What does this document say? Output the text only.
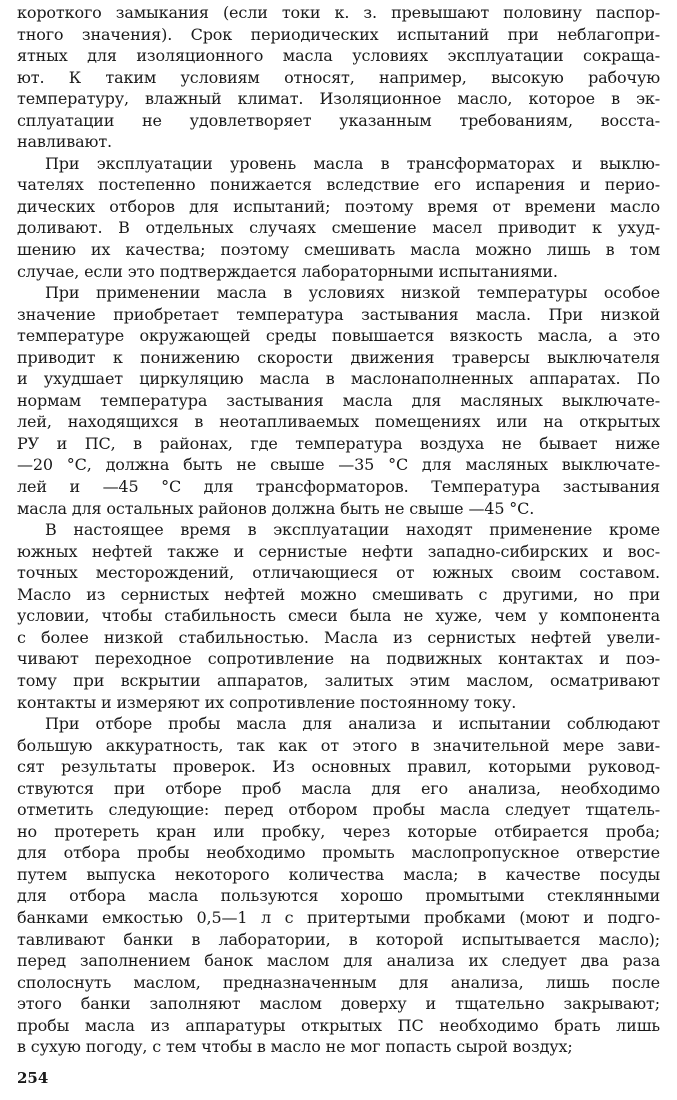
короткого замыкания (если токи к. з. превышают половину паспор-
тного значения). Срок периодических испытаний при неблагопри-
ятных для изоляционного масла условиях эксплуатации сокраща-
ют. К таким условиям относят, например, высокую рабочую
температуру, влажный климат. Изоляционное масло, которое в эк-
сплуатации не удовлетворяет указанным требованиям, восста-
навливают.
При эксплуатации уровень масла в трансформаторах и выклю-
чателях постепенно понижается вследствие его испарения и перио-
дических отборов для испытаний; поэтому время от времени масло
доливают. В отдельных случаях смешение масел приводит к ухуд-
шению их качества; поэтому смешивать масла можно лишь в том
случае, если это подтверждается лабораторными испытаниями.
При применении масла в условиях низкой температуры особое
значение приобретает температура застывания масла. При низкой
температуре окружающей среды повышается вязкость масла, а это
приводит к понижению скорости движения траверсы выключателя
и ухудшает циркуляцию масла в маслонаполненных аппаратах. По
нормам температура застывания масла для масляных выключате-
лей, находящихся в неотапливаемых помещениях или на открытых
РУ и ПС, в районах, где температура воздуха не бывает ниже
—20 °С, должна быть не свыше —35 °С для масляных выключате-
лей и —45 °С для трансформаторов. Температура застывания
масла для остальных районов должна быть не свыше —45 °С.
В настоящее время в эксплуатации находят применение кроме
южных нефтей также и сернистые нефти западно-сибирских и вос-
точных месторождений, отличающиеся от южных своим составом.
Масло из сернистых нефтей можно смешивать с другими, но при
условии, чтобы стабильность смеси была не хуже, чем у компонента
с более низкой стабильностью. Масла из сернистых нефтей увели-
чивают переходное сопротивление на подвижных контактах и поэ-
тому при вскрытии аппаратов, залитых этим маслом, осматривают
контакты и измеряют их сопротивление постоянному току.
При отборе пробы масла для анализа и испытании соблюдают
большую аккуратность, так как от этого в значительной мере зави-
сят результаты проверок. Из основных правил, которыми руковод-
ствуются при отборе проб масла для его анализа, необходимо
отметить следующие: перед отбором пробы масла следует тщатель-
но протереть кран или пробку, через которые отбирается проба;
для отбора пробы необходимо промыть маслопропускное отверстие
путем выпуска некоторого количества масла; в качестве посуды
для отбора масла пользуются хорошо промытыми стеклянными
банками емкостью 0,5—1 л с притертыми пробками (моют и подго-
тавливают банки в лаборатории, в которой испытывается масло);
перед заполнением банок маслом для анализа их следует два раза
сполоснуть маслом, предназначенным для анализа, лишь после
этого банки заполняют маслом доверху и тщательно закрывают;
пробы масла из аппаратуры открытых ПС необходимо брать лишь
в сухую погоду, с тем чтобы в масло не мог попасть сырой воздух;
254
